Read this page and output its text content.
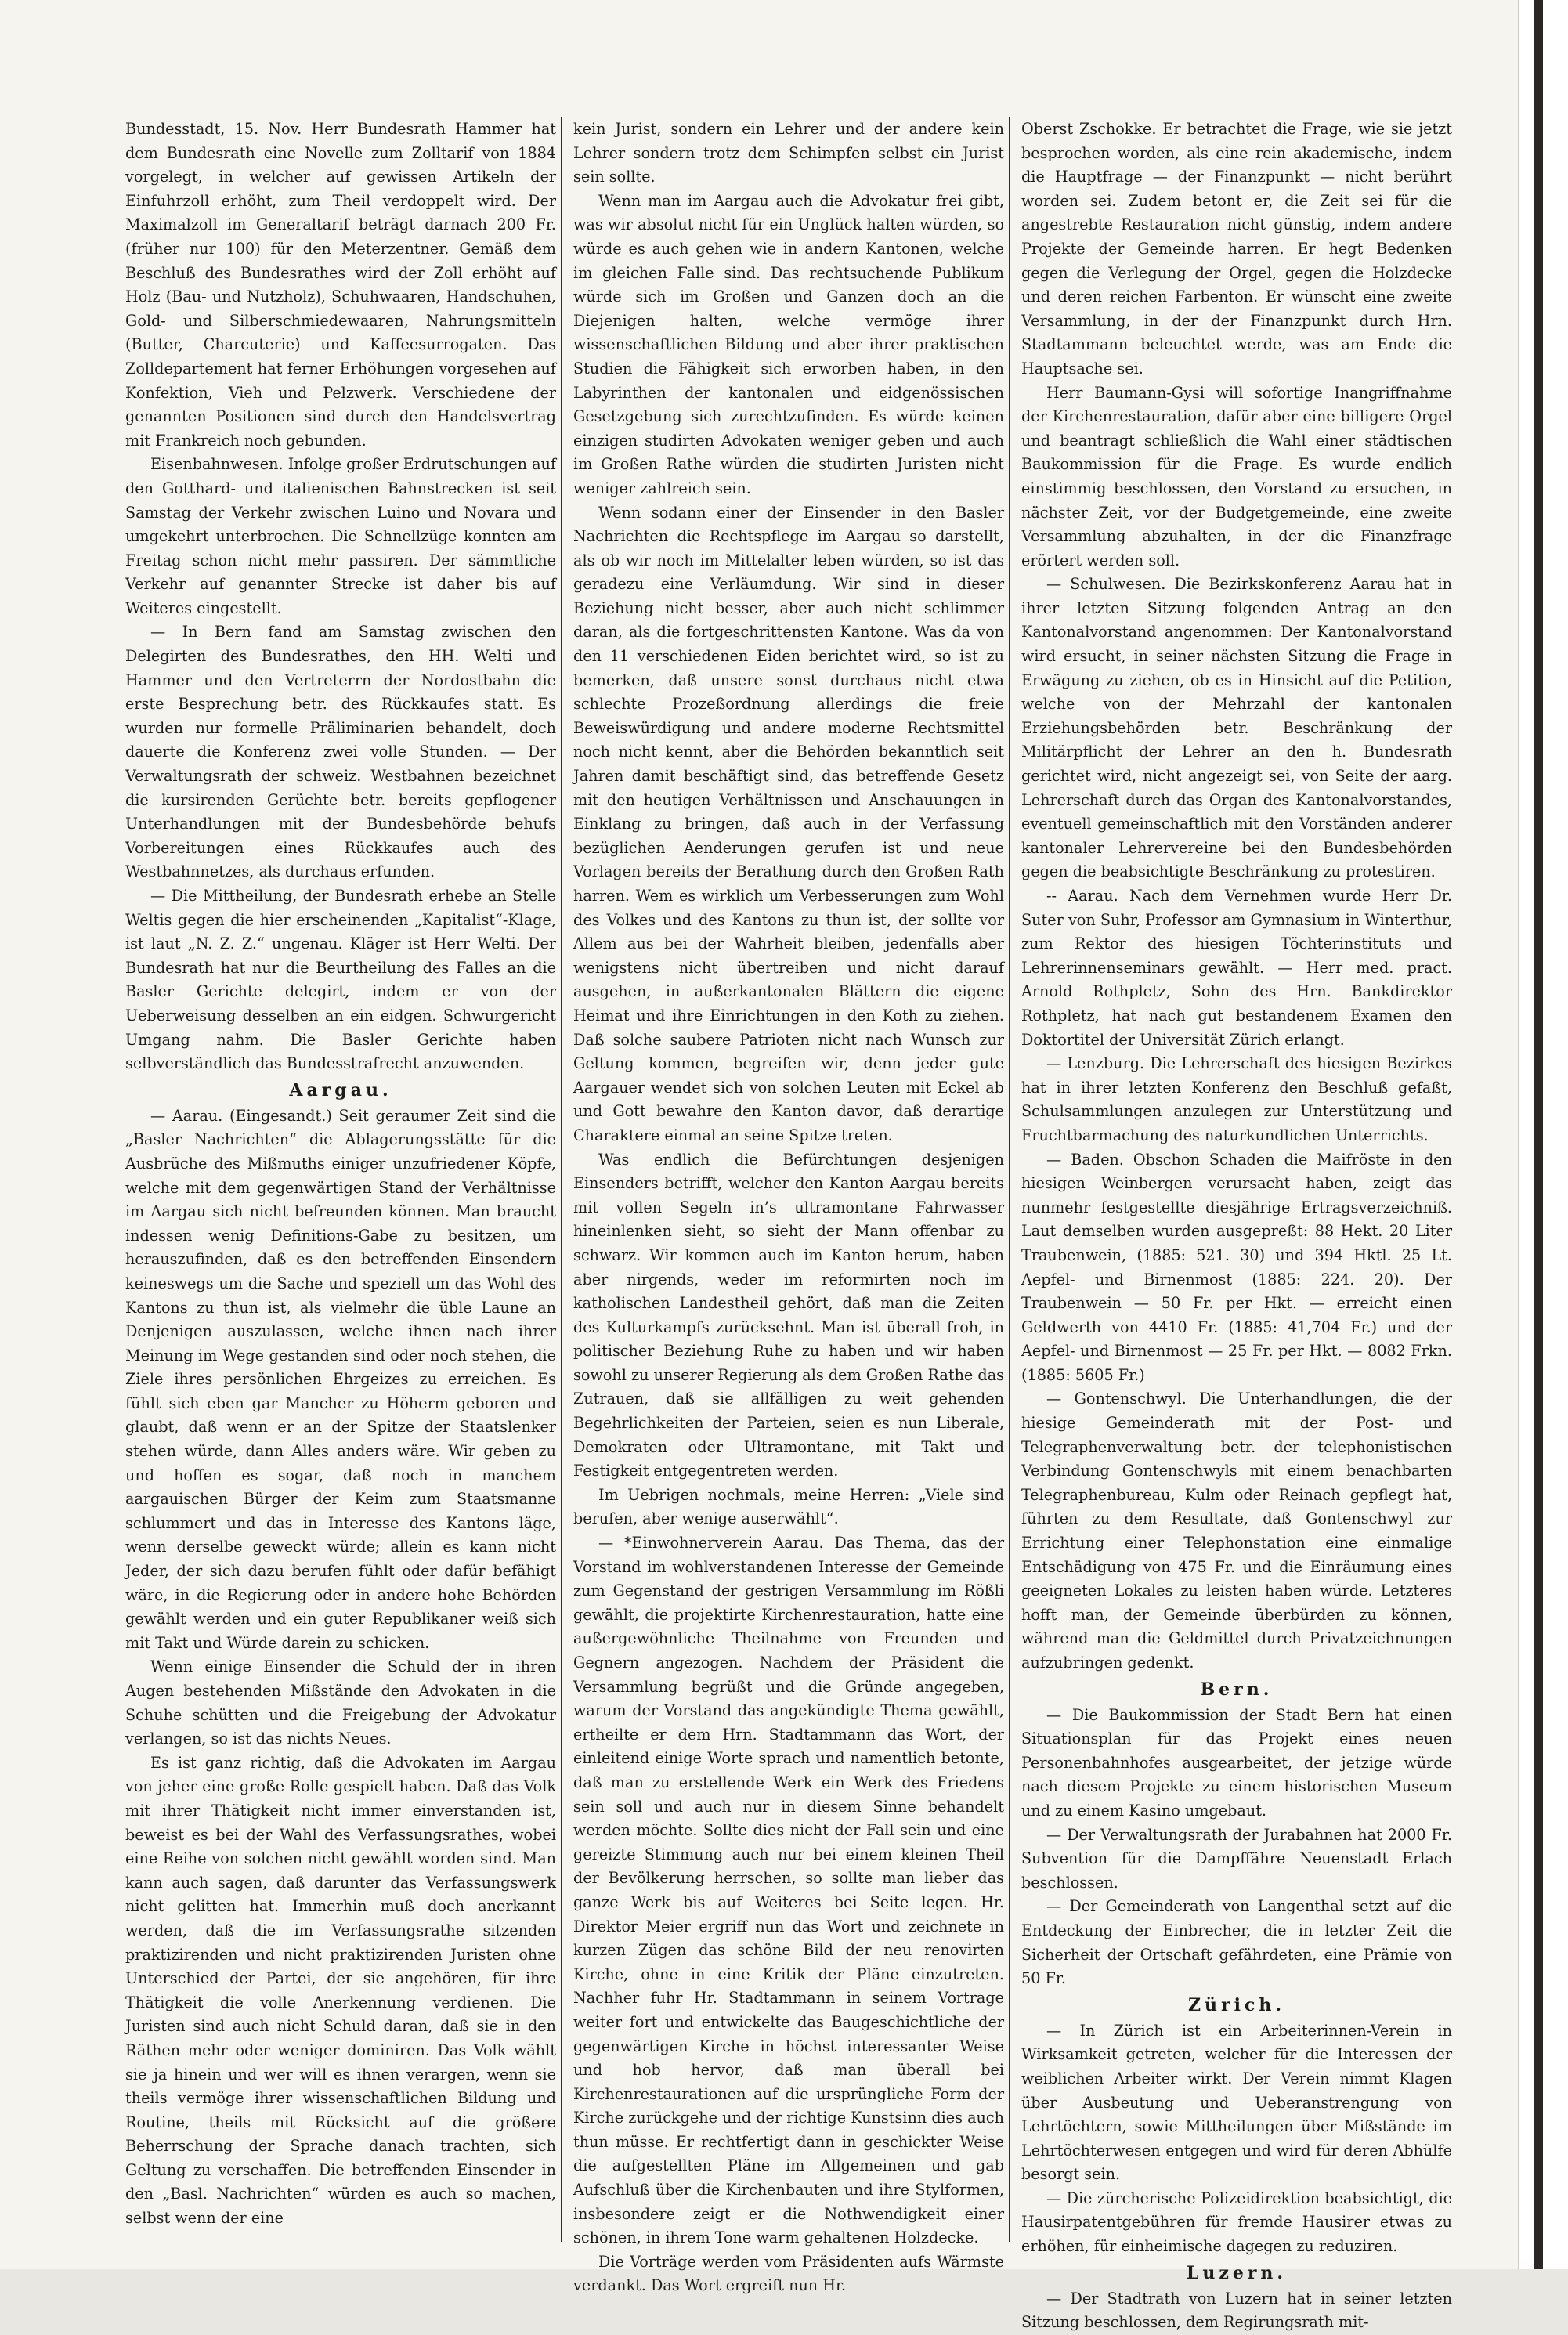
Bundesstadt, 15. Nov. Herr Bundesrath Hammer hat dem Bundesrath eine Novelle zum Zolltarif von 1884 vorgelegt, in welcher auf gewissen Artikeln der Einfuhrzoll erhöht, zum Theil verdoppelt wird. Der Maximalzoll im Generaltarif beträgt darnach 200 Fr. (früher nur 100) für den Meterzentner. Gemäß dem Beschluß des Bundesrathes wird der Zoll erhöht auf Holz (Bau- und Nutzholz), Schuhwaaren, Handschuhen, Gold- und Silberschmiedewaaren, Nahrungsmitteln (Butter, Charcuterie) und Kaffeesurrogaten. Das Zolldepartement hat ferner Erhöhungen vorgesehen auf Konfektion, Vieh und Pelzwerk. Verschiedene der genannten Positionen sind durch den Handelsvertrag mit Frankreich noch gebunden.

Eisenbahnwesen. Infolge großer Erdrutschungen auf den Gotthard- und italienischen Bahnstrecken ist seit Samstag der Verkehr zwischen Luino und Novara und umgekehrt unterbrochen. Die Schnellzüge konnten am Freitag schon nicht mehr passiren. Der sämmtliche Verkehr auf genannter Strecke ist daher bis auf Weiteres eingestellt.

— In Bern fand am Samstag zwischen den Delegirten des Bundesrathes, den HH. Welti und Hammer und den Vertreterrn der Nordostbahn die erste Besprechung betr. des Rückkaufes statt. Es wurden nur formelle Präliminarien behandelt, doch dauerte die Konferenz zwei volle Stunden. — Der Verwaltungsrath der schweiz. Westbahnen bezeichnet die kursirenden Gerüchte betr. bereits gepflogener Unterhandlungen mit der Bundesbehörde behufs Vorbereitungen eines Rückkaufes auch des Westbahnnetzes, als durchaus erfunden.

— Die Mittheilung, der Bundesrath erhebe an Stelle Weltis gegen die hier erscheinenden „Kapitalist“-Klage, ist laut „N. Z. Z.“ ungenau. Kläger ist Herr Welti. Der Bundesrath hat nur die Beurtheilung des Falles an die Basler Gerichte delegirt, indem er von der Ueberweisung desselben an ein eidgen. Schwurgericht Umgang nahm. Die Basler Gerichte haben selbverständlich das Bundesstrafrecht anzuwenden.

Aargau.

— Aarau. (Eingesandt.) Seit geraumer Zeit sind die „Basler Nachrichten“ die Ablagerungsstätte für die Ausbrüche des Mißmuths einiger unzufriedener Köpfe, welche mit dem gegenwärtigen Stand der Verhältnisse im Aargau sich nicht befreunden können. Man braucht indessen wenig Definitions-Gabe zu besitzen, um herauszufinden, daß es den betreffenden Einsendern keineswegs um die Sache und speziell um das Wohl des Kantons zu thun ist, als vielmehr die üble Laune an Denjenigen auszulassen, welche ihnen nach ihrer Meinung im Wege gestanden sind oder noch stehen, die Ziele ihres persönlichen Ehrgeizes zu erreichen. Es fühlt sich eben gar Mancher zu Höherm geboren und glaubt, daß wenn er an der Spitze der Staatslenker stehen würde, dann Alles anders wäre. Wir geben zu und hoffen es sogar, daß noch in manchem aargauischen Bürger der Keim zum Staatsmanne schlummert und das in Interesse des Kantons läge, wenn derselbe geweckt würde; allein es kann nicht Jeder, der sich dazu berufen fühlt oder dafür befähigt wäre, in die Regierung oder in andere hohe Behörden gewählt werden und ein guter Republikaner weiß sich mit Takt und Würde darein zu schicken.

Wenn einige Einsender die Schuld der in ihren Augen bestehenden Mißstände den Advokaten in die Schuhe schütten und die Freigebung der Advokatur verlangen, so ist das nichts Neues.

Es ist ganz richtig, daß die Advokaten im Aargau von jeher eine große Rolle gespielt haben. Daß das Volk mit ihrer Thätigkeit nicht immer einverstanden ist, beweist es bei der Wahl des Verfassungsrathes, wobei eine Reihe von solchen nicht gewählt worden sind. Man kann auch sagen, daß darunter das Verfassungswerk nicht gelitten hat. Immerhin muß doch anerkannt werden, daß die im Verfassungsrathe sitzenden praktizirenden und nicht praktizirenden Juristen ohne Unterschied der Partei, der sie angehören, für ihre Thätigkeit die volle Anerkennung verdienen. Die Juristen sind auch nicht Schuld daran, daß sie in den Räthen mehr oder weniger dominiren. Das Volk wählt sie ja hinein und wer will es ihnen verargen, wenn sie theils vermöge ihrer wissenschaftlichen Bildung und Routine, theils mit Rücksicht auf die größere Beherrschung der Sprache danach trachten, sich Geltung zu verschaffen. Die betreffenden Einsender in den „Basl. Nachrichten“ würden es auch so machen, selbst wenn der eine

kein Jurist, sondern ein Lehrer und der andere kein Lehrer sondern trotz dem Schimpfen selbst ein Jurist sein sollte.

Wenn man im Aargau auch die Advokatur frei gibt, was wir absolut nicht für ein Unglück halten würden, so würde es auch gehen wie in andern Kantonen, welche im gleichen Falle sind. Das rechtsuchende Publikum würde sich im Großen und Ganzen doch an die Diejenigen halten, welche vermöge ihrer wissenschaftlichen Bildung und aber ihrer praktischen Studien die Fähigkeit sich erworben haben, in den Labyrinthen der kantonalen und eidgenössischen Gesetzgebung sich zurechtzufinden. Es würde keinen einzigen studirten Advokaten weniger geben und auch im Großen Rathe würden die studirten Juristen nicht weniger zahlreich sein.

Wenn sodann einer der Einsender in den Basler Nachrichten die Rechtspflege im Aargau so darstellt, als ob wir noch im Mittelalter leben würden, so ist das geradezu eine Verläumdung. Wir sind in dieser Beziehung nicht besser, aber auch nicht schlimmer daran, als die fortgeschrittensten Kantone. Was da von den 11 verschiedenen Eiden berichtet wird, so ist zu bemerken, daß unsere sonst durchaus nicht etwa schlechte Prozeßordnung allerdings die freie Beweiswürdigung und andere moderne Rechtsmittel noch nicht kennt, aber die Behörden bekanntlich seit Jahren damit beschäftigt sind, das betreffende Gesetz mit den heutigen Verhältnissen und Anschauungen in Einklang zu bringen, daß auch in der Verfassung bezüglichen Aenderungen gerufen ist und neue Vorlagen bereits der Berathung durch den Großen Rath harren. Wem es wirklich um Verbesserungen zum Wohl des Volkes und des Kantons zu thun ist, der sollte vor Allem aus bei der Wahrheit bleiben, jedenfalls aber wenigstens nicht übertreiben und nicht darauf ausgehen, in außerkantonalen Blättern die eigene Heimat und ihre Einrichtungen in den Koth zu ziehen. Daß solche saubere Patrioten nicht nach Wunsch zur Geltung kommen, begreifen wir, denn jeder gute Aargauer wendet sich von solchen Leuten mit Eckel ab und Gott bewahre den Kanton davor, daß derartige Charaktere einmal an seine Spitze treten.

Was endlich die Befürchtungen desjenigen Einsenders betrifft, welcher den Kanton Aargau bereits mit vollen Segeln in’s ultramontane Fahrwasser hineinlenken sieht, so sieht der Mann offenbar zu schwarz. Wir kommen auch im Kanton herum, haben aber nirgends, weder im reformirten noch im katholischen Landestheil gehört, daß man die Zeiten des Kulturkampfs zurücksehnt. Man ist überall froh, in politischer Beziehung Ruhe zu haben und wir haben sowohl zu unserer Regierung als dem Großen Rathe das Zutrauen, daß sie allfälligen zu weit gehenden Begehrlichkeiten der Parteien, seien es nun Liberale, Demokraten oder Ultramontane, mit Takt und Festigkeit entgegentreten werden.

Im Uebrigen nochmals, meine Herren: „Viele sind berufen, aber wenige auserwählt“.

— *Einwohnerverein Aarau. Das Thema, das der Vorstand im wohlverstandenen Interesse der Gemeinde zum Gegenstand der gestrigen Versammlung im Rößli gewählt, die projektirte Kirchenrestauration, hatte eine außergewöhnliche Theilnahme von Freunden und Gegnern angezogen. Nachdem der Präsident die Versammlung begrüßt und die Gründe angegeben, warum der Vorstand das angekündigte Thema gewählt, ertheilte er dem Hrn. Stadtammann das Wort, der einleitend einige Worte sprach und namentlich betonte, daß man zu erstellende Werk ein Werk des Friedens sein soll und auch nur in diesem Sinne behandelt werden möchte. Sollte dies nicht der Fall sein und eine gereizte Stimmung auch nur bei einem kleinen Theil der Bevölkerung herrschen, so sollte man lieber das ganze Werk bis auf Weiteres bei Seite legen. Hr. Direktor Meier ergriff nun das Wort und zeichnete in kurzen Zügen das schöne Bild der neu renovirten Kirche, ohne in eine Kritik der Pläne einzutreten. Nachher fuhr Hr. Stadtammann in seinem Vortrage weiter fort und entwickelte das Baugeschichtliche der gegenwärtigen Kirche in höchst interessanter Weise und hob hervor, daß man überall bei Kirchenrestaurationen auf die ursprüngliche Form der Kirche zurückgehe und der richtige Kunstsinn dies auch thun müsse. Er rechtfertigt dann in geschickter Weise die aufgestellten Pläne im Allgemeinen und gab Aufschluß über die Kirchenbauten und ihre Stylformen, insbesondere zeigt er die Nothwendigkeit einer schönen, in ihrem Tone warm gehaltenen Holzdecke.

Die Vorträge werden vom Präsidenten aufs Wärmste verdankt. Das Wort ergreift nun Hr.

Oberst Zschokke. Er betrachtet die Frage, wie sie jetzt besprochen worden, als eine rein akademische, indem die Hauptfrage — der Finanzpunkt — nicht berührt worden sei. Zudem betont er, die Zeit sei für die angestrebte Restauration nicht günstig, indem andere Projekte der Gemeinde harren. Er hegt Bedenken gegen die Verlegung der Orgel, gegen die Holzdecke und deren reichen Farbenton. Er wünscht eine zweite Versammlung, in der der Finanzpunkt durch Hrn. Stadtammann beleuchtet werde, was am Ende die Hauptsache sei.

Herr Baumann-Gysi will sofortige Inangriffnahme der Kirchenrestauration, dafür aber eine billigere Orgel und beantragt schließlich die Wahl einer städtischen Baukommission für die Frage. Es wurde endlich einstimmig beschlossen, den Vorstand zu ersuchen, in nächster Zeit, vor der Budgetgemeinde, eine zweite Versammlung abzuhalten, in der die Finanzfrage erörtert werden soll.

— Schulwesen. Die Bezirkskonferenz Aarau hat in ihrer letzten Sitzung folgenden Antrag an den Kantonalvorstand angenommen: Der Kantonalvorstand wird ersucht, in seiner nächsten Sitzung die Frage in Erwägung zu ziehen, ob es in Hinsicht auf die Petition, welche von der Mehrzahl der kantonalen Erziehungsbehörden betr. Beschränkung der Militärpflicht der Lehrer an den h. Bundesrath gerichtet wird, nicht angezeigt sei, von Seite der aarg. Lehrerschaft durch das Organ des Kantonalvorstandes, eventuell gemeinschaftlich mit den Vorständen anderer kantonaler Lehrervereine bei den Bundesbehörden gegen die beabsichtigte Beschränkung zu protestiren.

-- Aarau. Nach dem Vernehmen wurde Herr Dr. Suter von Suhr, Professor am Gymnasium in Winterthur, zum Rektor des hiesigen Töchterinstituts und Lehrerinnenseminars gewählt. — Herr med. pract. Arnold Rothpletz, Sohn des Hrn. Bankdirektor Rothpletz, hat nach gut bestandenem Examen den Doktortitel der Universität Zürich erlangt.

— Lenzburg. Die Lehrerschaft des hiesigen Bezirkes hat in ihrer letzten Konferenz den Beschluß gefaßt, Schulsammlungen anzulegen zur Unterstützung und Fruchtbarmachung des naturkundlichen Unterrichts.

— Baden. Obschon Schaden die Maifröste in den hiesigen Weinbergen verursacht haben, zeigt das nunmehr festgestellte diesjährige Ertragsverzeichniß. Laut demselben wurden ausgepreßt: 88 Hekt. 20 Liter Traubenwein, (1885: 521. 30) und 394 Hktl. 25 Lt. Aepfel- und Birnenmost (1885: 224. 20). Der Traubenwein — 50 Fr. per Hkt. — erreicht einen Geldwerth von 4410 Fr. (1885: 41,704 Fr.) und der Aepfel- und Birnenmost — 25 Fr. per Hkt. — 8082 Frkn. (1885: 5605 Fr.)

— Gontenschwyl. Die Unterhandlungen, die der hiesige Gemeinderath mit der Post- und Telegraphenverwaltung betr. der telephonistischen Verbindung Gontenschwyls mit einem benachbarten Telegraphenbureau, Kulm oder Reinach gepflegt hat, führten zu dem Resultate, daß Gontenschwyl zur Errichtung einer Telephonstation eine einmalige Entschädigung von 475 Fr. und die Einräumung eines geeigneten Lokales zu leisten haben würde. Letzteres hofft man, der Gemeinde überbürden zu können, während man die Geldmittel durch Privatzeichnungen aufzubringen gedenkt.

Bern.

— Die Baukommission der Stadt Bern hat einen Situationsplan für das Projekt eines neuen Personenbahnhofes ausgearbeitet, der jetzige würde nach diesem Projekte zu einem historischen Museum und zu einem Kasino umgebaut.

— Der Verwaltungsrath der Jurabahnen hat 2000 Fr. Subvention für die Dampffähre Neuenstadt Erlach beschlossen.

— Der Gemeinderath von Langenthal setzt auf die Entdeckung der Einbrecher, die in letzter Zeit die Sicherheit der Ortschaft gefährdeten, eine Prämie von 50 Fr.

Zürich.

— In Zürich ist ein Arbeiterinnen-Verein in Wirksamkeit getreten, welcher für die Interessen der weiblichen Arbeiter wirkt. Der Verein nimmt Klagen über Ausbeutung und Ueberanstrengung von Lehrtöchtern, sowie Mittheilungen über Mißstände im Lehrtöchterwesen entgegen und wird für deren Abhülfe besorgt sein.

— Die zürcherische Polizeidirektion beabsichtigt, die Hausirpatentgebühren für fremde Hausirer etwas zu erhöhen, für einheimische dagegen zu reduziren.

Luzern.

— Der Stadtrath von Luzern hat in seiner letzten Sitzung beschlossen, dem Regirungsrath mit-
